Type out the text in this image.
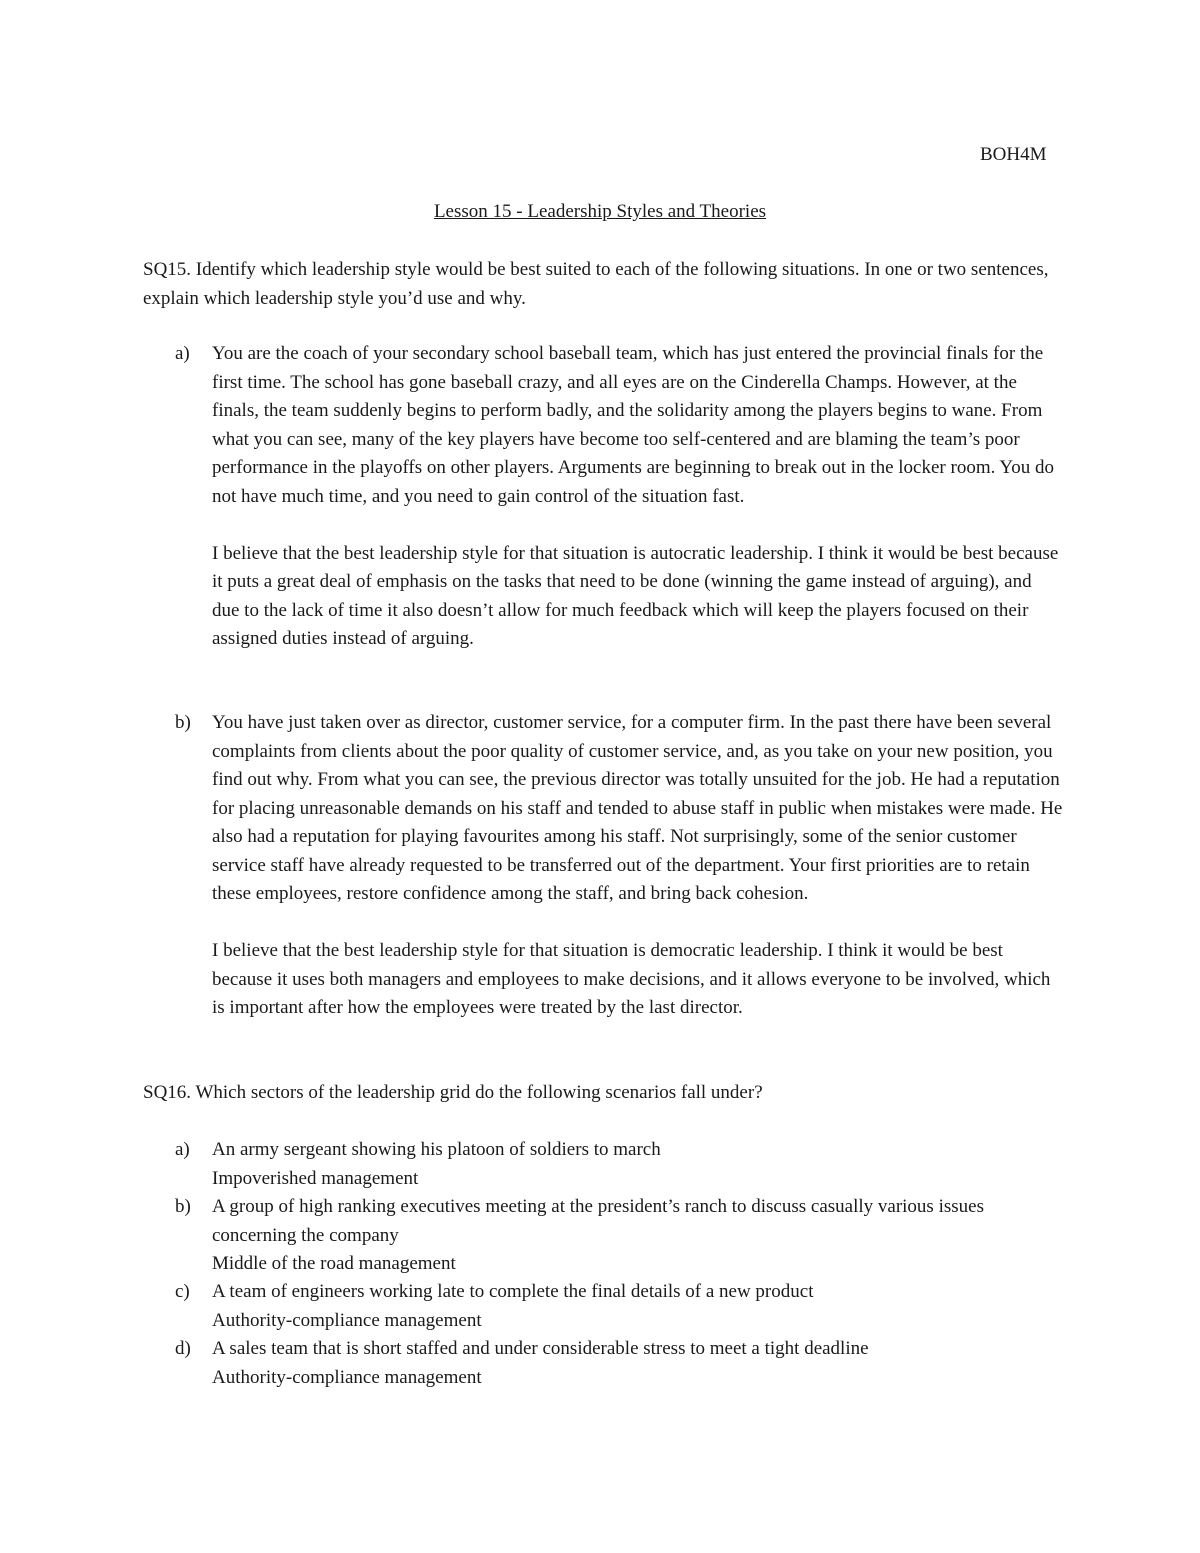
BOH4M
Lesson 15 - Leadership Styles and Theories

SQ15. Identify which leadership style would be best suited to each of the following situations. In one or two sentences, explain which leadership style you’d use and why.

a) You are the coach of your secondary school baseball team, which has just entered the provincial finals for the first time. The school has gone baseball crazy, and all eyes are on the Cinderella Champs. However, at the finals, the team suddenly begins to perform badly, and the solidarity among the players begins to wane. From what you can see, many of the key players have become too self-centered and are blaming the team’s poor performance in the playoffs on other players. Arguments are beginning to break out in the locker room. You do not have much time, and you need to gain control of the situation fast.

I believe that the best leadership style for that situation is autocratic leadership. I think it would be best because it puts a great deal of emphasis on the tasks that need to be done (winning the game instead of arguing), and due to the lack of time it also doesn’t allow for much feedback which will keep the players focused on their assigned duties instead of arguing.

b) You have just taken over as director, customer service, for a computer firm. In the past there have been several complaints from clients about the poor quality of customer service, and, as you take on your new position, you find out why. From what you can see, the previous director was totally unsuited for the job. He had a reputation for placing unreasonable demands on his staff and tended to abuse staff in public when mistakes were made. He also had a reputation for playing favourites among his staff. Not surprisingly, some of the senior customer service staff have already requested to be transferred out of the department. Your first priorities are to retain these employees, restore confidence among the staff, and bring back cohesion.

I believe that the best leadership style for that situation is democratic leadership. I think it would be best because it uses both managers and employees to make decisions, and it allows everyone to be involved, which is important after how the employees were treated by the last director.

SQ16. Which sectors of the leadership grid do the following scenarios fall under?

a) An army sergeant showing his platoon of soldiers to march
Impoverished management
b) A group of high ranking executives meeting at the president’s ranch to discuss casually various issues concerning the company
Middle of the road management
c) A team of engineers working late to complete the final details of a new product
Authority-compliance management
d) A sales team that is short staffed and under considerable stress to meet a tight deadline
Authority-compliance management
